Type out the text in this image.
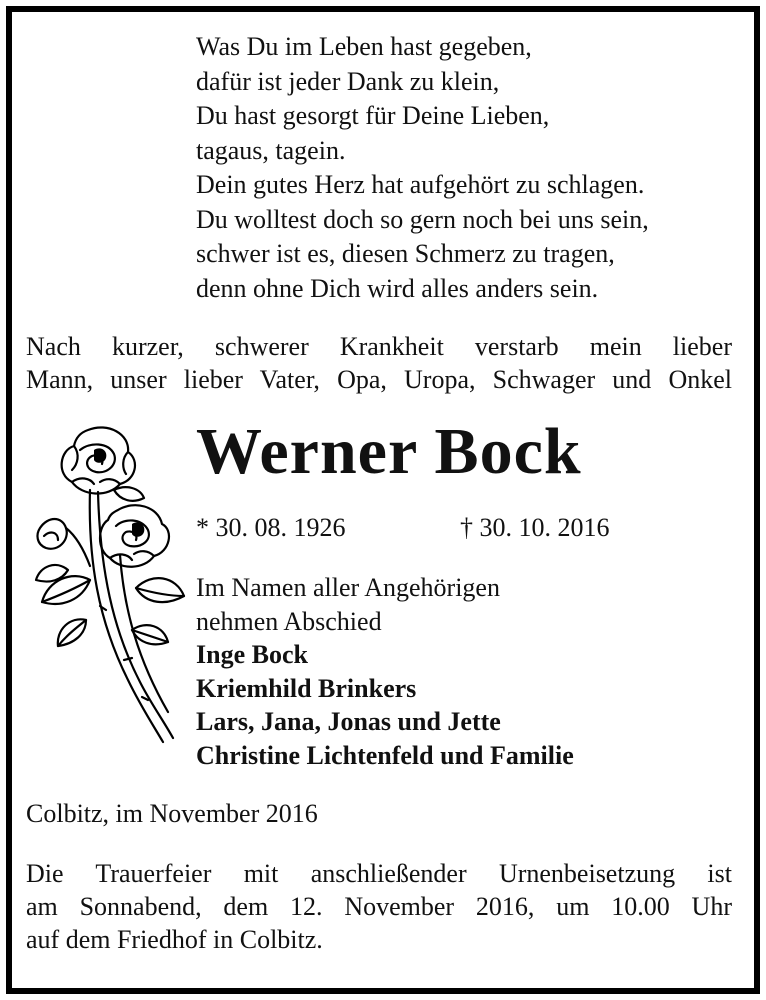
Was Du im Leben hast gegeben,
dafür ist jeder Dank zu klein,
Du hast gesorgt für Deine Lieben,
tagaus, tagein.
Dein gutes Herz hat aufgehört zu schlagen.
Du wolltest doch so gern noch bei uns sein,
schwer ist es, diesen Schmerz zu tragen,
denn ohne Dich wird alles anders sein.
Nach kurzer, schwerer Krankheit verstarb mein lieber
Mann, unser lieber Vater, Opa, Uropa, Schwager und Onkel
Werner Bock
* 30. 08. 1926	† 30. 10. 2016
Im Namen aller Angehörigen
nehmen Abschied
Inge Bock
Kriemhild Brinkers
Lars, Jana, Jonas und Jette
Christine Lichtenfeld und Familie
Colbitz, im November 2016
Die Trauerfeier mit anschließender Urnenbeisetzung ist
am Sonnabend, dem 12. November 2016, um 10.00 Uhr
auf dem Friedhof in Colbitz.
